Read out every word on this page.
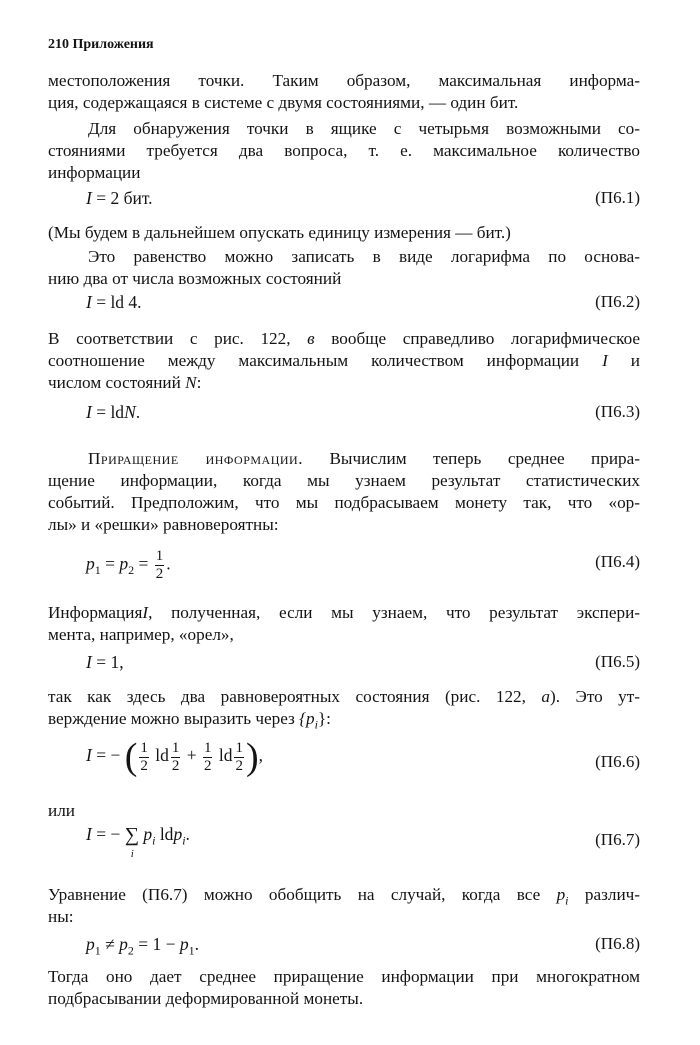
210 Приложения
местоположения точки. Таким образом, максимальная информа-
ция, содержащаяся в системе с двумя состояниями, — один бит.
Для обнаружения точки в ящике с четырьмя возможными со-
стояниями требуется два вопроса, т. е. максимальное количество
информации
I = 2 бит.	(П6.1)
(Мы будем в дальнейшем опускать единицу измерения — бит.)
Это равенство можно записать в виде логарифма по основа-
нию два от числа возможных состояний
I = ld 4.	(П6.2)
В соответствии с рис. 122, в вообще справедливо логарифмическое
соотношение между максимальным количеством информации I и
числом состояний N:
I = ldN.	(П6.3)
Приращение информации. Вычислим теперь среднее прира-
щение информации, когда мы узнаем результат статистических
событий. Предположим, что мы подбрасываем монету так, что «ор-
лы» и «решки» равновероятны:
$p_1 = p_2 = \frac{1}{2}$ .	(П6.4)
ИнформацияI, полученная, если мы узнаем, что результат экспери-
мента, например, «орел»,
I = 1,	(П6.5)
так как здесь два равновероятных состояния (рис. 122, а). Это ут-
верждение можно выразить через $\{p_i\}$:
I = − ( $\frac{1}{2}$ ld $\frac{1}{2} + \frac{1}{2}$ ld $\frac{1}{2}$ ),	(П6.6)
или
I = − ∑
i
$p_i$ ldp$_i$.	(П6.7)
Уравнение (П6.7) можно обобщить на случай, когда все $p_i$ различ-
ны:
$p_1 \ne p_2 = 1 - p_1$.	(П6.8)
Тогда оно дает среднее приращение информации при многократном
подбрасывании деформированной монеты.
